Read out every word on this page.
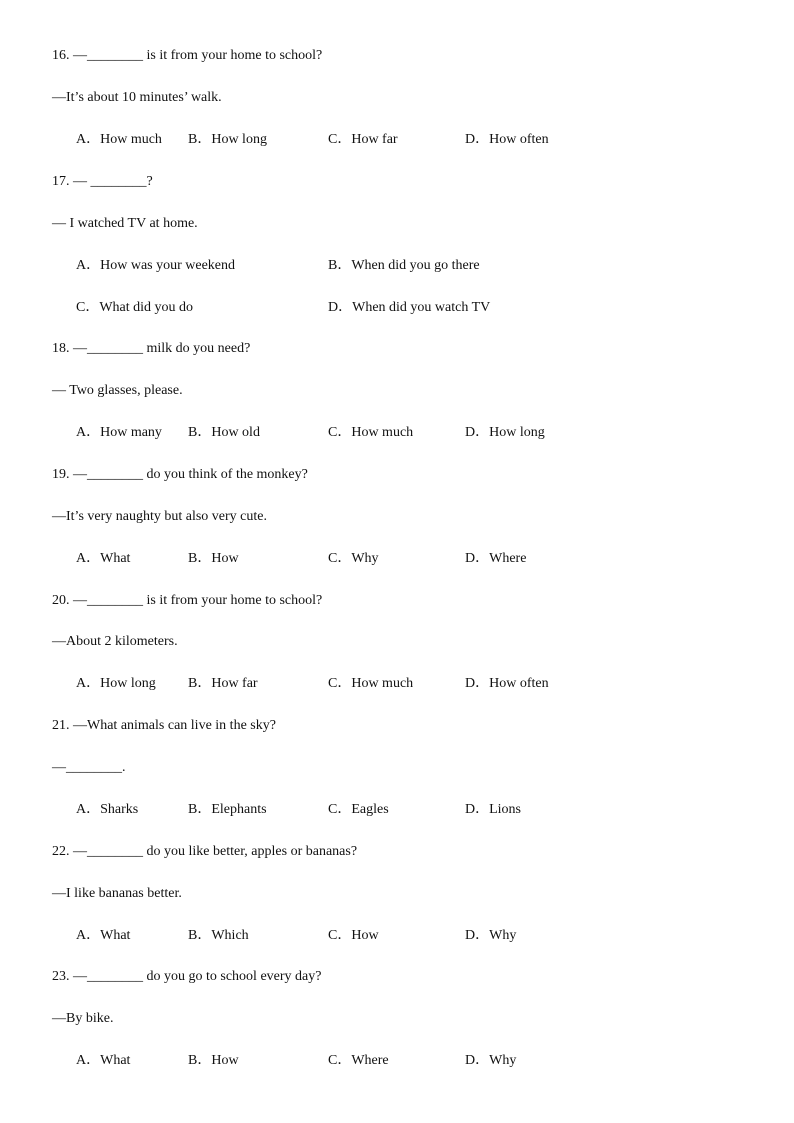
16. —________ is it from your home to school?
—It’s about 10 minutes’ walk.
A．How much B．How long	C．How far	D．How often
17. — ________?
— I watched TV at home.
A．How was your weekend	B．When did you go there
C．What did you do	D．When did you watch TV
18. —________ milk do you need?
— Two glasses, please.
A．How many B．How old	C．How much	D．How long
19. —________ do you think of the monkey?
—It’s very naughty but also very cute.
A．What	B．How	C．Why	D．Where
20. —________ is it from your home to school?
—About 2 kilometers.
A．How long B．How far	C．How much	D．How often
21. —What animals can live in the sky?
—________.
A．Sharks	B．Elephants	C．Eagles	D．Lions
22. —________ do you like better, apples or bananas?
—I like bananas better.
A．What	B．Which	C．How	D．Why
23. —________ do you go to school every day?
—By bike.
A．What	B．How	C．Where	D．Why
